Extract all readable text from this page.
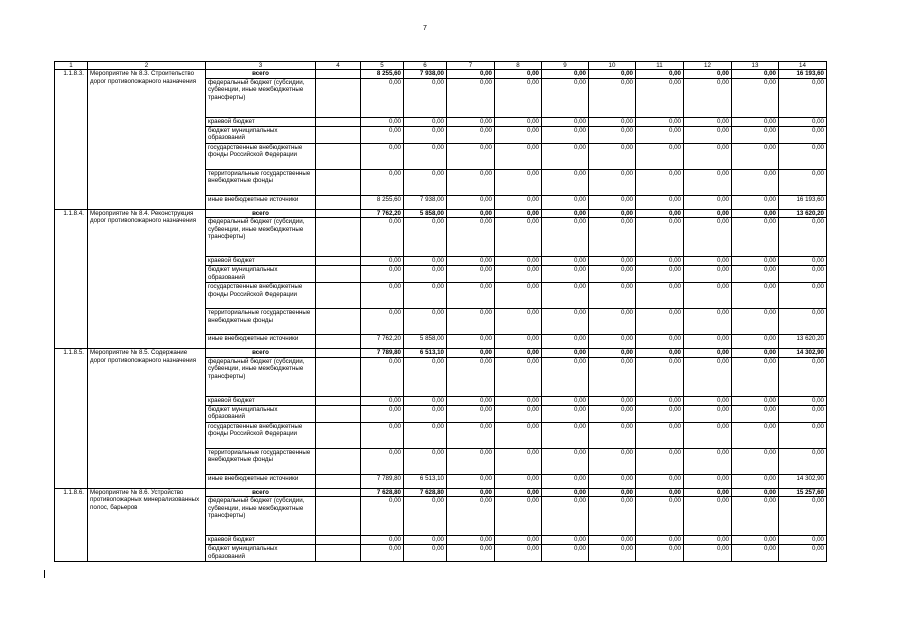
7
1	2	3	4	5	6	7	8	9	10	11	12	13	14
1.1.8.3.	Мероприятие № 8.3. Строительство дорог противопожарного назначения	всего		8 255,60	7 938,00	0,00	0,00	0,00	0,00	0,00	0,00	0,00	16 193,60
		федеральный бюджет (субсидии, субвенции, иные межбюджетные трансферты)		0,00	0,00	0,00	0,00	0,00	0,00	0,00	0,00	0,00	0,00
		краевой бюджет		0,00	0,00	0,00	0,00	0,00	0,00	0,00	0,00	0,00	0,00
		бюджет муниципальных образований		0,00	0,00	0,00	0,00	0,00	0,00	0,00	0,00	0,00	0,00
		государственные внебюджетные фонды Российской Федерации		0,00	0,00	0,00	0,00	0,00	0,00	0,00	0,00	0,00	0,00
		территориальные государственные внебюджетные фонды		0,00	0,00	0,00	0,00	0,00	0,00	0,00	0,00	0,00	0,00
		иные внебюджетные источники		8 255,60	7 938,00	0,00	0,00	0,00	0,00	0,00	0,00	0,00	16 193,60
1.1.8.4.	Мероприятие № 8.4. Реконструкция дорог противопожарного назначения	всего		7 762,20	5 858,00	0,00	0,00	0,00	0,00	0,00	0,00	0,00	13 620,20
		федеральный бюджет (субсидии, субвенции, иные межбюджетные трансферты)		0,00	0,00	0,00	0,00	0,00	0,00	0,00	0,00	0,00	0,00
		краевой бюджет		0,00	0,00	0,00	0,00	0,00	0,00	0,00	0,00	0,00	0,00
		бюджет муниципальных образований		0,00	0,00	0,00	0,00	0,00	0,00	0,00	0,00	0,00	0,00
		государственные внебюджетные фонды Российской Федерации		0,00	0,00	0,00	0,00	0,00	0,00	0,00	0,00	0,00	0,00
		территориальные государственные внебюджетные фонды		0,00	0,00	0,00	0,00	0,00	0,00	0,00	0,00	0,00	0,00
		иные внебюджетные источники		7 762,20	5 858,00	0,00	0,00	0,00	0,00	0,00	0,00	0,00	13 620,20
1.1.8.5.	Мероприятие № 8.5. Содержание дорог противопожарного назначения	всего		7 789,80	6 513,10	0,00	0,00	0,00	0,00	0,00	0,00	0,00	14 302,90
		федеральный бюджет (субсидии, субвенции, иные межбюджетные трансферты)		0,00	0,00	0,00	0,00	0,00	0,00	0,00	0,00	0,00	0,00
		краевой бюджет		0,00	0,00	0,00	0,00	0,00	0,00	0,00	0,00	0,00	0,00
		бюджет муниципальных образований		0,00	0,00	0,00	0,00	0,00	0,00	0,00	0,00	0,00	0,00
		государственные внебюджетные фонды Российской Федерации		0,00	0,00	0,00	0,00	0,00	0,00	0,00	0,00	0,00	0,00
		территориальные государственные внебюджетные фонды		0,00	0,00	0,00	0,00	0,00	0,00	0,00	0,00	0,00	0,00
		иные внебюджетные источники		7 789,80	6 513,10	0,00	0,00	0,00	0,00	0,00	0,00	0,00	14 302,90
1.1.8.6.	Мероприятие № 8.6. Устройство противопожарных минерализованных полос, барьеров	всего		7 628,80	7 628,80	0,00	0,00	0,00	0,00	0,00	0,00	0,00	15 257,60
		федеральный бюджет (субсидии, субвенции, иные межбюджетные трансферты)		0,00	0,00	0,00	0,00	0,00	0,00	0,00	0,00	0,00	0,00
		краевой бюджет		0,00	0,00	0,00	0,00	0,00	0,00	0,00	0,00	0,00	0,00
		бюджет муниципальных образований		0,00	0,00	0,00	0,00	0,00	0,00	0,00	0,00	0,00	0,00
